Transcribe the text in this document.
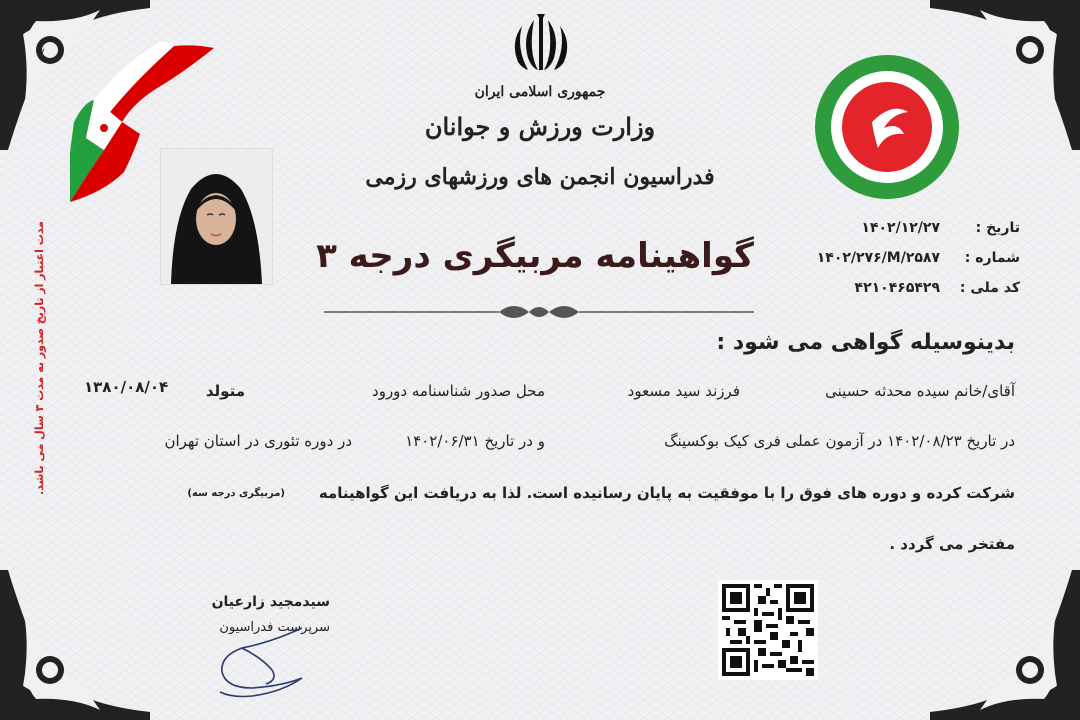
۷
جمهوری اسلامی ایران
وزارت ورزش و جوانان
فدراسیون انجمن های ورزشهای رزمی
گواهینامه مربیگری درجه ۳
تاریخ :
۱۴۰۲/۱۲/۲۷
شماره :
۱۴۰۲/۲۷۶/M/۲۵۸۷
کد ملی :
۴۲۱۰۴۶۵۴۲۹
بدینوسیله گواهی می شود :
آقای/خانم سیده محدثه حسینی
فرزند سید مسعود
محل صدور شناسنامه دورود
متولد
۱۳۸۰/۰۸/۰۴
در تاریخ ۱۴۰۲/۰۸/۲۳ در آزمون عملی فری کیک بوکسینگ
و در تاریخ ۱۴۰۲/۰۶/۳۱
در دوره تئوری در استان تهران
شرکت کرده و دوره های فوق را با موفقیت به پایان رسانیده است. لذا به دریافت این گواهینامه
(مربیگری درجه سه)
مفتخر می گردد .
سیدمجید زارعیان
سرپرست فدراسیون
مدت اعتبار از تاریخ صدور به مدت ۳ سال می باشد.
